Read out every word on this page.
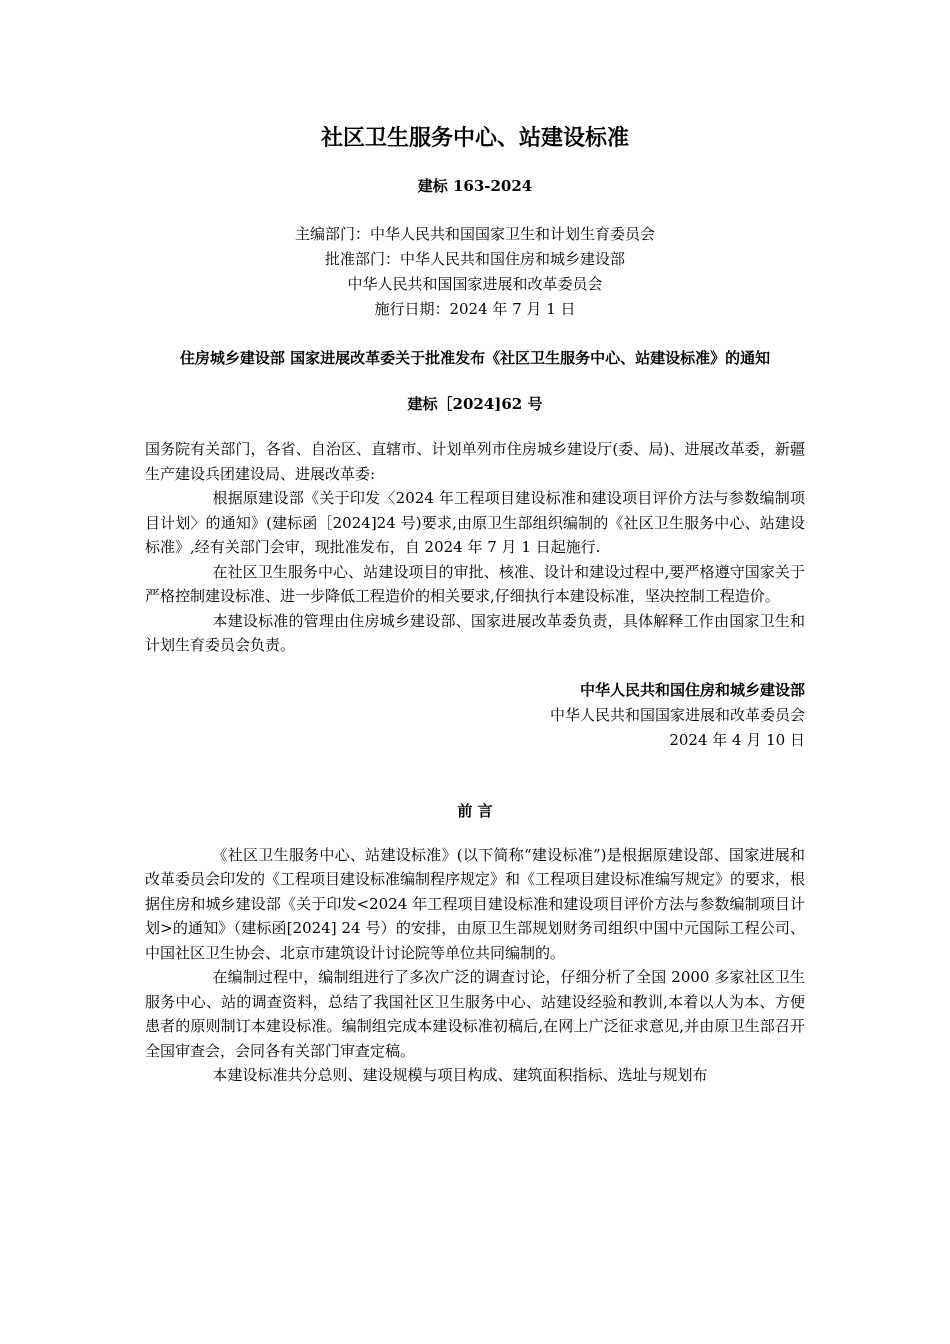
社区卫生服务中心、站建设标准
建标 163-2024
主编部门：中华人民共和国国家卫生和计划生育委员会
批准部门：中华人民共和国住房和城乡建设部
中华人民共和国国家进展和改革委员会
施行日期：2024 年 7 月 1 日
住房城乡建设部 国家进展改革委关于批准发布《社区卫生服务中心、站建设标准》的通知
建标［2024]62 号

国务院有关部门，各省、自治区、直辖市、计划单列市住房城乡建设厅(委、局)、进展改革委，新疆生产建设兵团建设局、进展改革委:

根据原建设部《关于印发〈2024 年工程项目建设标准和建设项目评价方法与参数编制项目计划〉的通知》(建标函［2024]24 号)要求,由原卫生部组织编制的《社区卫生服务中心、站建设标准》,经有关部门会审，现批准发布，自 2024 年 7 月 1 日起施行.

在社区卫生服务中心、站建设项目的审批、核准、设计和建设过程中,要严格遵守国家关于严格控制建设标准、进一步降低工程造价的相关要求,仔细执行本建设标准，坚决控制工程造价。

本建设标准的管理由住房城乡建设部、国家进展改革委负责，具体解释工作由国家卫生和计划生育委员会负责。

中华人民共和国住房和城乡建设部
中华人民共和国国家进展和改革委员会
2024 年 4 月 10 日
前 言

《社区卫生服务中心、站建设标准》(以下简称“建设标准”)是根据原建设部、国家进展和改革委员会印发的《工程项目建设标准编制程序规定》和《工程项目建设标准编写规定》的要求，根据住房和城乡建设部《关于印发<2024 年工程项目建设标准和建设项目评价方法与参数编制项目计划>的通知》（建标函[2024] 24 号）的安排，由原卫生部规划财务司组织中国中元国际工程公司、中国社区卫生协会、北京市建筑设计讨论院等单位共同编制的。

在编制过程中，编制组进行了多次广泛的调查讨论，仔细分析了全国 2000 多家社区卫生服务中心、站的调查资料，总结了我国社区卫生服务中心、站建设经验和教训,本着以人为本、方便患者的原则制订本建设标准。编制组完成本建设标准初稿后,在网上广泛征求意见,并由原卫生部召开全国审查会，会同各有关部门审查定稿。

本建设标准共分总则、建设规模与项目构成、建筑面积指标、选址与规划布
